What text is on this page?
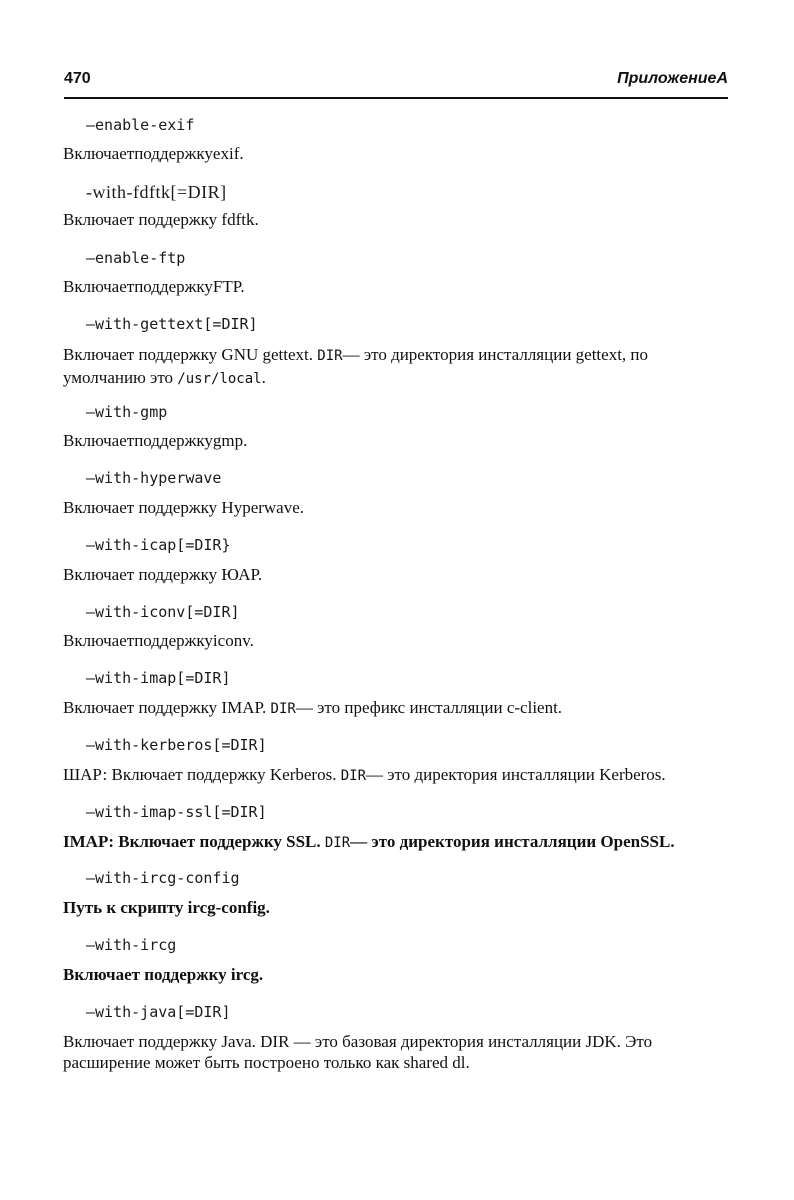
470	ПриложениеА
—enable-exif
Включаетподдержкуexif.
-with-fdftk[=DIR]
Включает поддержку fdftk.
—enable-ftp
ВключаетподдержкуFTP.
—with-gettext[=DIR]
Включает поддержку GNU gettext. DIR— это директория инсталляции gettext, по умолчанию это /usr/local.
—with-gmp
Включаетподдержкуgmp.
—with-hyperwave
Включает поддержку Hyperwave.
—with-icap[=DIR}
Включает поддержку ЮАР.
—with-iconv[=DIR]
Включаетподдержкуiconv.
—with-imap[=DIR]
Включает поддержку IMAP. DIR— это префикс инсталляции c-client.
—with-kerberos[=DIR]
ШАР: Включает поддержку Kerberos. DIR— это директория инсталляции Kerberos.
—with-imap-ssl[=DIR]
IMAP: Включает поддержку SSL. DIR— это директория инсталляции OpenSSL.
—with-ircg-config
Путь к скрипту ircg-config.
—with-ircg
Включает поддержку ircg.
—with-java[=DIR]
Включает поддержку Java. DIR — это базовая директория инсталляции JDK. Это расширение может быть построено только как shared dl.
